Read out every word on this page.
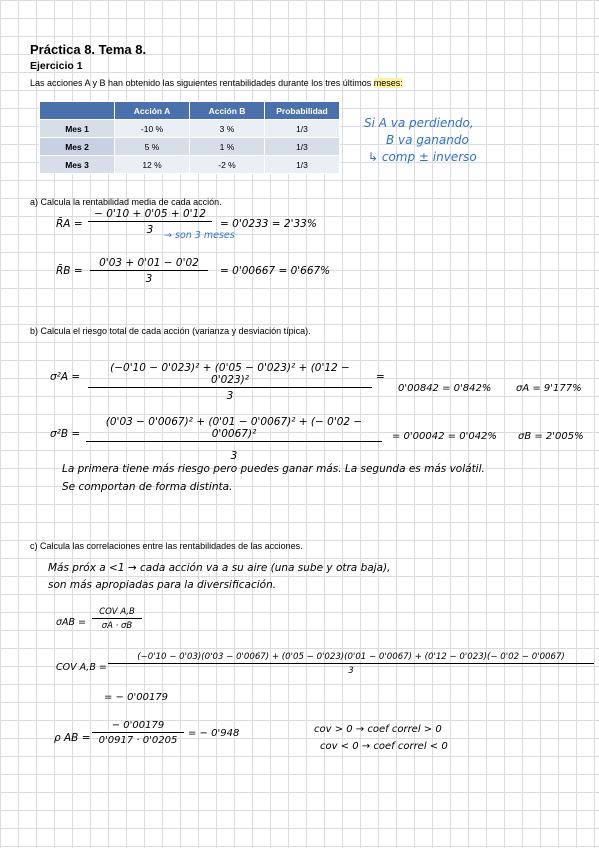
Práctica 8. Tema 8.
Ejercicio 1
Las acciones A y B han obtenido las siguientes rentabilidades durante los tres últimos meses:
	Acción A	Acción B	Probabilidad
Mes 1	-10 %	3 %	1/3
Mes 2	5 %	1 %	1/3
Mes 3	12 %	-2 %	1/3
Si A va perdiendo,
B va ganando
↳ comp ± inverso
a) Calcula la rentabilidad media de cada acción.
R̄A = $\frac{- 0'10 + 0'05 + 0'12}{3}$
→ son 3 meses
= 0'0233 = 2'33%
R̄B = $\frac{0'03 + 0'01 - 0'02}{3} = 0'00667 = 0'667\%$
b) Calcula el riesgo total de cada acción (varianza y desviación típica).
$\sigma^2A = \frac{\text{(−0'10 − 0'023)² + (0'05 − 0'023)² + (0'12 − 0'023)²}}{3}$ =
0'00842 = 0'842% σA = 9'177%
$\sigma^2B = \frac{\text{(0'03 − 0'0067)² + (0'01 − 0'0067)² + (− 0'02 − 0'0067)²}}{3} = 0'00042 = 0'042\%$ σB = 2'005%
La primera tiene más riesgo pero puedes ganar más. La segunda es más volátil.
Se comportan de forma distinta.
c) Calcula las correlaciones entre las rentabilidades de las acciones.
Más próx a <1 → cada acción va a su aire (una sube y otra baja),
son más apropiadas para la diversificación.
σAB =
COV A,B
σA · σB
COV A,B =
(−0'10 − 0'03)(0'03 − 0'0067) + (0'05 − 0'023)(0'01 − 0'0067) + (0'12 − 0'023)(− 0'02 − 0'0067)
3
= − 0'00179
ρ AB = $\frac{- 0'00179}{0'0917 \cdot 0'0205}$ = − 0'948	cov > 0 → coef correl > 0
cov < 0 → coef correl < 0
